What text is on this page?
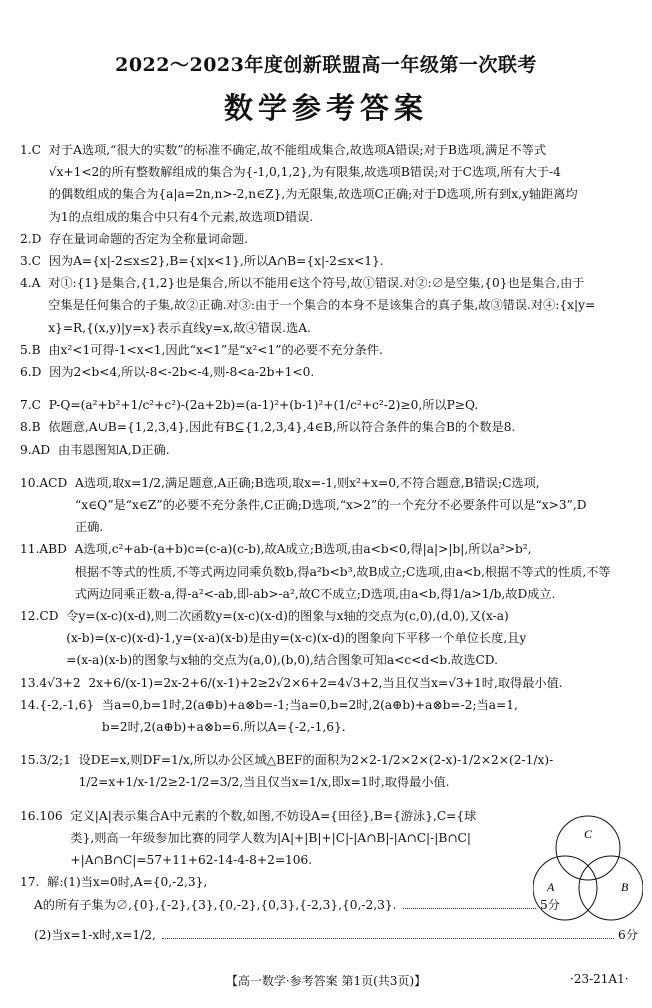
2022～2023年度创新联盟高一年级第一次联考
数学参考答案
1.C
对于A选项,“很大的实数”的标准不确定,故不能组成集合,故选项A错误;对于B选项,满足不等式
√x+1<2的所有整数解组成的集合为{-1,0,1,2},为有限集,故选项B错误;对于C选项,所有大于-4
的偶数组成的集合为{a|a=2n,n>-2,n∈Z},为无限集,故选项C正确;对于D选项,所有到x,y轴距离均
为1的点组成的集合中只有4个元素,故选项D错误.
2.D
存在量词命题的否定为全称量词命题.
3.C
因为A={x|-2≤x≤2},B={x|x<1},所以A∩B={x|-2≤x<1}.
4.A
对①:{1}是集合,{1,2}也是集合,所以不能用∈这个符号,故①错误.对②:∅是空集,{0}也是集合,由于
空集是任何集合的子集,故②正确.对③:由于一个集合的本身不是该集合的真子集,故③错误.对④:{x|y=
x}=R,{(x,y)|y=x}表示直线y=x,故④错误.选A.
5.B
由x²<1可得-1<x<1,因此“x<1”是“x²<1”的必要不充分条件.
6.D
因为2<b<4,所以-8<-2b<-4,则-8<a-2b+1<0.
7.C
P-Q=(a²+b²+1/c²+c²)-(2a+2b)=(a-1)²+(b-1)²+(1/c²+c²-2)≥0,所以P≥Q.
8.B
依题意,A∪B={1,2,3,4},因此有B⊆{1,2,3,4},4∈B,所以符合条件的集合B的个数是8.
9.AD
由韦恩图知A,D正确.
10.ACD
A选项,取x=1/2,满足题意,A正确;B选项,取x=-1,则x²+x=0,不符合题意,B错误;C选项,
“x∈Q”是“x∈Z”的必要不充分条件,C正确;D选项,“x>2”的一个充分不必要条件可以是“x>3”,D
正确.
11.ABD
A选项,c²+ab-(a+b)c=(c-a)(c-b),故A成立;B选项,由a<b<0,得|a|>|b|,所以a²>b²,
根据不等式的性质,不等式两边同乘负数b,得a²b<b³,故B成立;C选项,由a<b,根据不等式的性质,不等
式两边同乘正数-a,得-a²<-ab,即-ab>-a²,故C不成立;D选项,由a<b,得1/a>1/b,故D成立.
12.CD
令y=(x-c)(x-d),则二次函数y=(x-c)(x-d)的图象与x轴的交点为(c,0),(d,0),又(x-a)
(x-b)=(x-c)(x-d)-1,y=(x-a)(x-b)是由y=(x-c)(x-d)的图象向下平移一个单位长度,且y
=(x-a)(x-b)的图象与x轴的交点为(a,0),(b,0),结合图象可知a<c<d<b.故选CD.
13.4√3+2
2x+6/(x-1)=2x-2+6/(x-1)+2≥2√2×6+2=4√3+2,当且仅当x=√3+1时,取得最小值.
14.{-2,-1,6}
当a=0,b=1时,2(a⊕b)+a⊗b=-1;当a=0,b=2时,2(a⊕b)+a⊗b=-2;当a=1,
b=2时,2(a⊕b)+a⊗b=6.所以A={-2,-1,6}.
15.3/2;1
设DE=x,则DF=1/x,所以办公区域△BEF的面积为2×2-1/2×2×(2-x)-1/2×2×(2-1/x)-
1/2=x+1/x-1/2≥2-1/2=3/2,当且仅当x=1/x,即x=1时,取得最小值.
16.106
定义|A|表示集合A中元素的个数,如图,不妨设A={田径},B={游泳},C={球
类},则高一年级参加比赛的同学人数为|A|+|B|+|C|-|A∩B|-|A∩C|-|B∩C|
+|A∩B∩C|=57+11+62-14-4-8+2=106.
17.
解:(1)当x=0时,A={0,-2,3},
A的所有子集为∅,{0},{-2},{3},{0,-2},{0,3},{-2,3},{0,-2,3}.	5分
(2)当x=1-x时,x=1/2,	6分
C
A	B
【高一数学·参考答案 第1页(共3页)】	·23-21A1·
